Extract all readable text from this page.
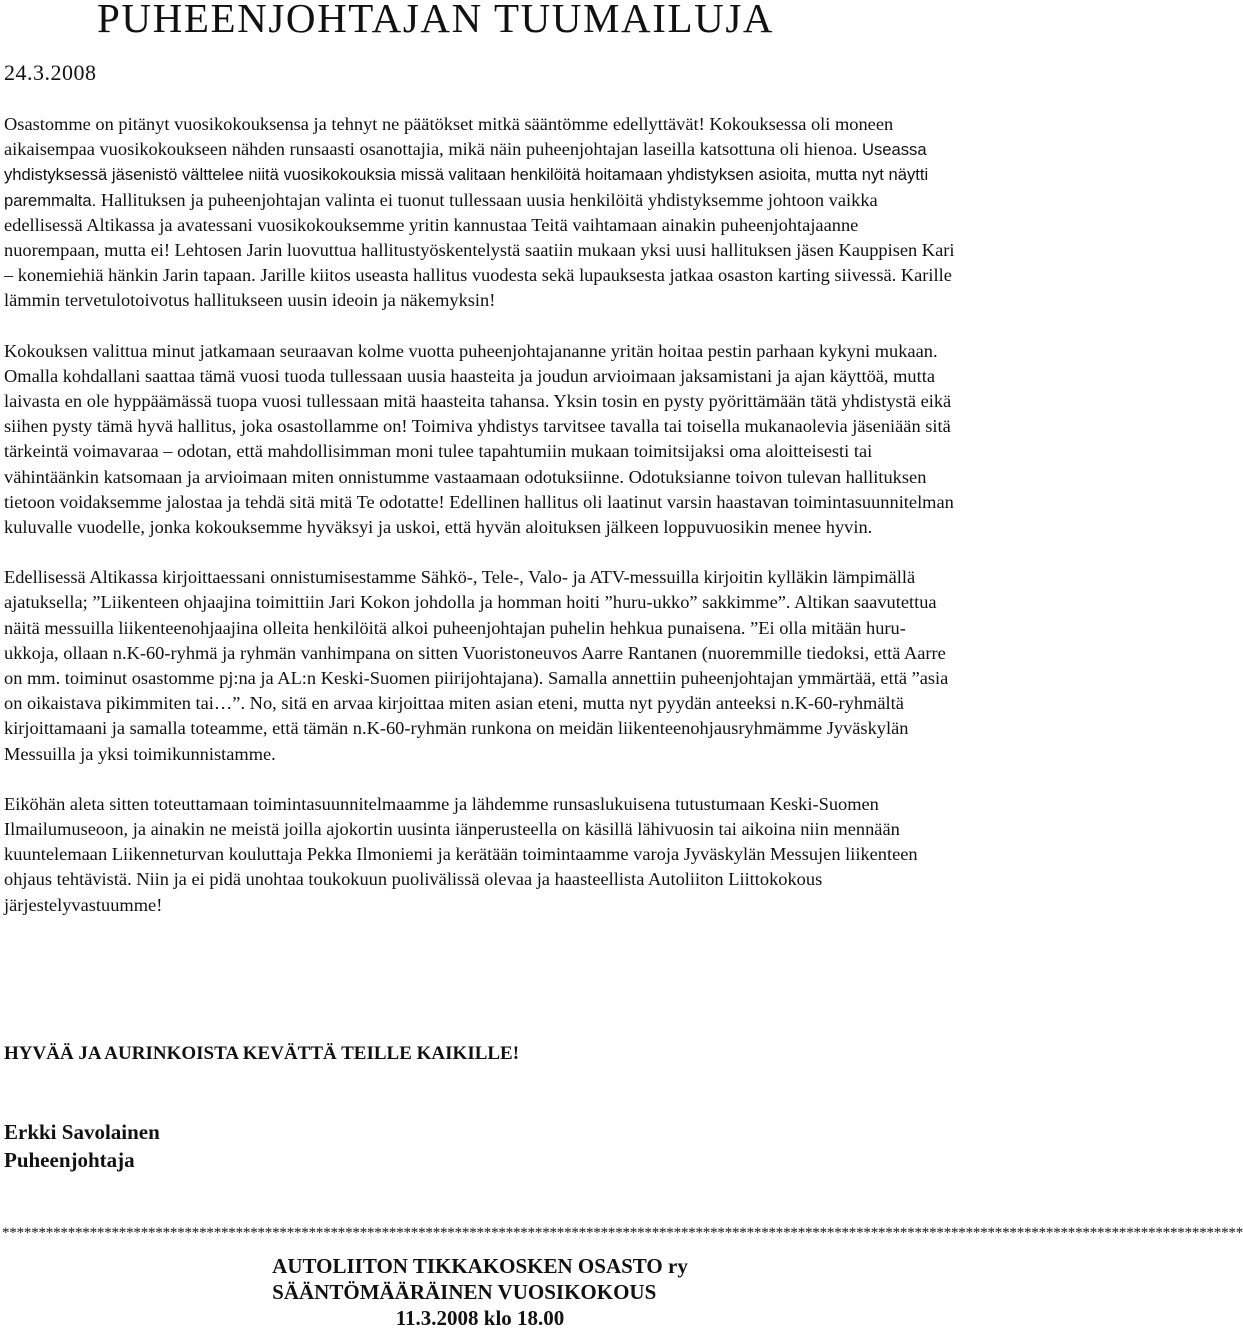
PUHEENJOHTAJAN TUUMAILUJA
24.3.2008

Osastomme on pitänyt vuosikokouksensa ja tehnyt ne päätökset mitkä sääntömme edellyttävät! Kokouksessa oli moneen aikaisempaa vuosikokoukseen nähden runsaasti osanottajia, mikä näin puheenjohtajan laseilla katsottuna oli hienoa. Useassa yhdistyksessä jäsenistö välttelee niitä vuosikokouksia missä valitaan henkilöitä hoitamaan yhdistyksen asioita, mutta nyt näytti paremmalta. Hallituksen ja puheenjohtajan valinta ei tuonut tullessaan uusia henkilöitä yhdistyksemme johtoon vaikka edellisessä Altikassa ja avatessani vuosikokouksemme yritin kannustaa Teitä vaihtamaan ainakin puheenjohtajaanne nuorempaan, mutta ei! Lehtosen Jarin luovuttua hallitustyöskentelystä saatiin mukaan yksi uusi hallituksen jäsen Kauppisen Kari – konemiehiä hänkin Jarin tapaan. Jarille kiitos useasta hallitus vuodesta sekä lupauksesta jatkaa osaston karting siivessä. Karille lämmin tervetulotoivotus hallitukseen uusin ideoin ja näkemyksin!

Kokouksen valittua minut jatkamaan seuraavan kolme vuotta puheenjohtajananne yritän hoitaa pestin parhaan kykyni mukaan. Omalla kohdallani saattaa tämä vuosi tuoda tullessaan uusia haasteita ja joudun arvioimaan jaksamistani ja ajan käyttöä, mutta laivasta en ole hyppäämässä tuopa vuosi tullessaan mitä haasteita tahansa. Yksin tosin en pysty pyörittämään tätä yhdistystä eikä siihen pysty tämä hyvä hallitus, joka osastollamme on! Toimiva yhdistys tarvitsee tavalla tai toisella mukanaolevia jäseniään sitä tärkeintä voimavaraa – odotan, että mahdollisimman moni tulee tapahtumiin mukaan toimitsijaksi oma aloitteisesti tai vähintäänkin katsomaan ja arvioimaan miten onnistumme vastaamaan odotuksiinne. Odotuksianne toivon tulevan hallituksen tietoon voidaksemme jalostaa ja tehdä sitä mitä Te odotatte! Edellinen hallitus oli laatinut varsin haastavan toimintasuunnitelman kuluvalle vuodelle, jonka kokouksemme hyväksyi ja uskoi, että hyvän aloituksen jälkeen loppuvuosikin menee hyvin.

Edellisessä Altikassa kirjoittaessani onnistumisestamme Sähkö-, Tele-, Valo- ja ATV-messuilla kirjoitin kylläkin lämpimällä ajatuksella; ”Liikenteen ohjaajina toimittiin Jari Kokon johdolla ja homman hoiti ”huru-ukko” sakkimme”. Altikan saavutettua näitä messuilla liikenteenohjaajina olleita henkilöitä alkoi puheenjohtajan puhelin hehkua punaisena. ”Ei olla mitään huru-ukkoja, ollaan n.K-60-ryhmä ja ryhmän vanhimpana on sitten Vuoristoneuvos Aarre Rantanen (nuoremmille tiedoksi, että Aarre on mm. toiminut osastomme pj:na ja AL:n Keski-Suomen piirijohtajana). Samalla annettiin puheenjohtajan ymmärtää, että ”asia on oikaistava pikimmiten tai…”. No, sitä en arvaa kirjoittaa miten asian eteni, mutta nyt pyydän anteeksi n.K-60-ryhmältä kirjoittamaani ja samalla toteamme, että tämän n.K-60-ryhmän runkona on meidän liikenteenohjausryhmämme Jyväskylän Messuilla ja yksi toimikunnistamme.

Eiköhän aleta sitten toteuttamaan toimintasuunnitelmaamme ja lähdemme runsaslukuisena tutustumaan Keski-Suomen Ilmailumuseoon, ja ainakin ne meistä joilla ajokortin uusinta iänperusteella on käsillä lähivuosin tai aikoina niin mennään kuuntelemaan Liikenneturvan kouluttaja Pekka Ilmoniemi ja kerätään toimintaamme varoja Jyväskylän Messujen liikenteen ohjaus tehtävistä. Niin ja ei pidä unohtaa toukokuun puolivälissä olevaa ja haasteellista Autoliiton Liittokokous järjestelyvastuumme!

HYVÄÄ JA AURINKOISTA KEVÄTTÄ TEILLE KAIKILLE!

Erkki Savolainen
Puheenjohtaja
**************************************************************************************************************************************************************************
AUTOLIITON TIKKAKOSKEN OSASTO ry
SÄÄNTÖMÄÄRÄINEN VUOSIKOKOUS
11.3.2008 klo 18.00
